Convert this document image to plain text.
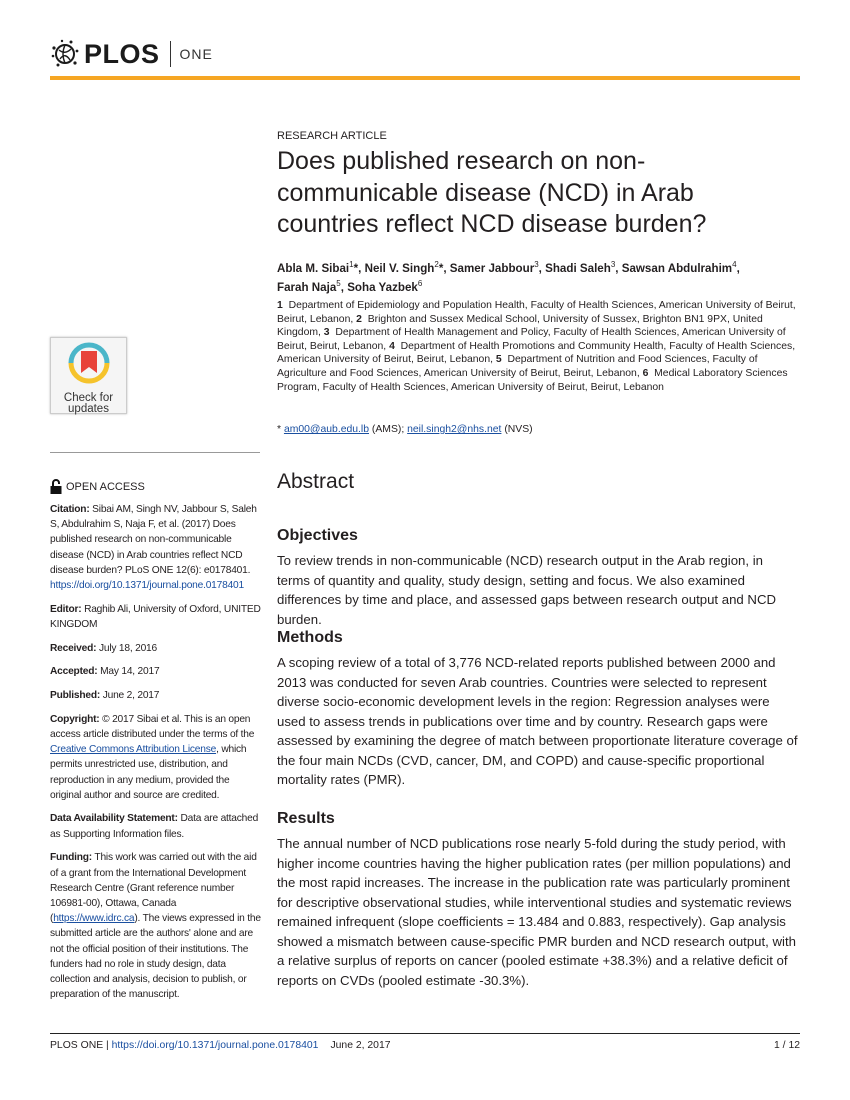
PLOS ONE
Check for
updates
OPEN ACCESS

Citation: Sibai AM, Singh NV, Jabbour S, Saleh S, Abdulrahim S, Naja F, et al. (2017) Does published research on non-communicable disease (NCD) in Arab countries reflect NCD disease burden? PLoS ONE 12(6): e0178401. https://doi.org/10.1371/journal.pone.0178401

Editor: Raghib Ali, University of Oxford, UNITED KINGDOM

Received: July 18, 2016

Accepted: May 14, 2017

Published: June 2, 2017

Copyright: © 2017 Sibai et al. This is an open access article distributed under the terms of the Creative Commons Attribution License, which permits unrestricted use, distribution, and reproduction in any medium, provided the original author and source are credited.

Data Availability Statement: Data are attached as Supporting Information files.

Funding: This work was carried out with the aid of a grant from the International Development Research Centre (Grant reference number 106981-00), Ottawa, Canada (https://www.idrc.ca). The views expressed in the submitted article are the authors' alone and are not the official position of their institutions. The funders had no role in study design, data collection and analysis, decision to publish, or preparation of the manuscript.

RESEARCH ARTICLE
Does published research on non-communicable disease (NCD) in Arab countries reflect NCD disease burden?
Abla M. Sibai$^1$*, Neil V. Singh$^2$*, Samer Jabbour$^3$, Shadi Saleh$^3$, Sawsan Abdulrahim$^4$,
Farah Naja$^5$, Soha Yazbek$^6$
1 Department of Epidemiology and Population Health, Faculty of Health Sciences, American University of Beirut, Beirut, Lebanon, 2 Brighton and Sussex Medical School, University of Sussex, Brighton BN1 9PX, United Kingdom, 3 Department of Health Management and Policy, Faculty of Health Sciences, American University of Beirut, Beirut, Lebanon, 4 Department of Health Promotions and Community Health, Faculty of Health Sciences, American University of Beirut, Beirut, Lebanon, 5 Department of Nutrition and Food Sciences, Faculty of Agriculture and Food Sciences, American University of Beirut, Beirut, Lebanon, 6 Medical Laboratory Sciences Program, Faculty of Health Sciences, American University of Beirut, Beirut, Lebanon
* am00@aub.edu.lb (AMS); neil.singh2@nhs.net (NVS)
Abstract
Objectives
To review trends in non-communicable (NCD) research output in the Arab region, in terms of quantity and quality, study design, setting and focus. We also examined differences by time and place, and assessed gaps between research output and NCD burden.
Methods
A scoping review of a total of 3,776 NCD-related reports published between 2000 and 2013 was conducted for seven Arab countries. Countries were selected to represent diverse socio-economic development levels in the region: Regression analyses were used to assess trends in publications over time and by country. Research gaps were assessed by examining the degree of match between proportionate literature coverage of the four main NCDs (CVD, cancer, DM, and COPD) and cause-specific proportional mortality rates (PMR).
Results
The annual number of NCD publications rose nearly 5-fold during the study period, with higher income countries having the higher publication rates (per million populations) and the most rapid increases. The increase in the publication rate was particularly prominent for descriptive observational studies, while interventional studies and systematic reviews remained infrequent (slope coefficients = 13.484 and 0.883, respectively). Gap analysis showed a mismatch between cause-specific PMR burden and NCD research output, with a relative surplus of reports on cancer (pooled estimate +38.3%) and a relative deficit of reports on CVDs (pooled estimate -30.3%).
PLOS ONE |
https://doi.org/10.1371/journal.pone.0178401 June 2, 2017	1 / 12
